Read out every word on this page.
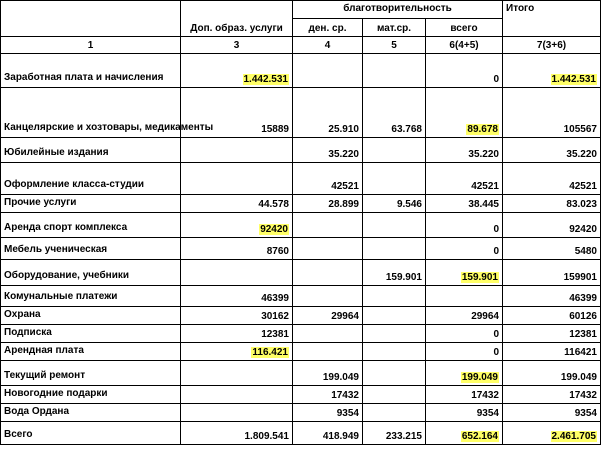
	Доп. образ. услуги	благотворительность			Итого
		ден. ср.	мат.ср.	всего	
1	3	4	5	6(4+5)	7(3+6)
Заработная плата и начисления	1.442.531			0	1.442.531
Канцелярские и хозтовары, медикаменты	15889	25.910	63.768	89.678	105567
Юбилейные издания		35.220		35.220	35.220
Оформление класса-студии		42521		42521	42521
Прочие услуги	44.578	28.899	9.546	38.445	83.023
Аренда спорт комплекса	92420			0	92420
Мебель ученическая	8760			0	5480
Оборудование, учебники			159.901	159.901	159901
Комунальные платежи	46399				46399
Охрана	30162	29964		29964	60126
Подписка	12381			0	12381
Арендная плата	116.421			0	116421
Текущий ремонт		199.049		199.049	199.049
Новогодние подарки		17432		17432	17432
Вода Ордана		9354		9354	9354
Всего	1.809.541	418.949	233.215	652.164	2.461.705
